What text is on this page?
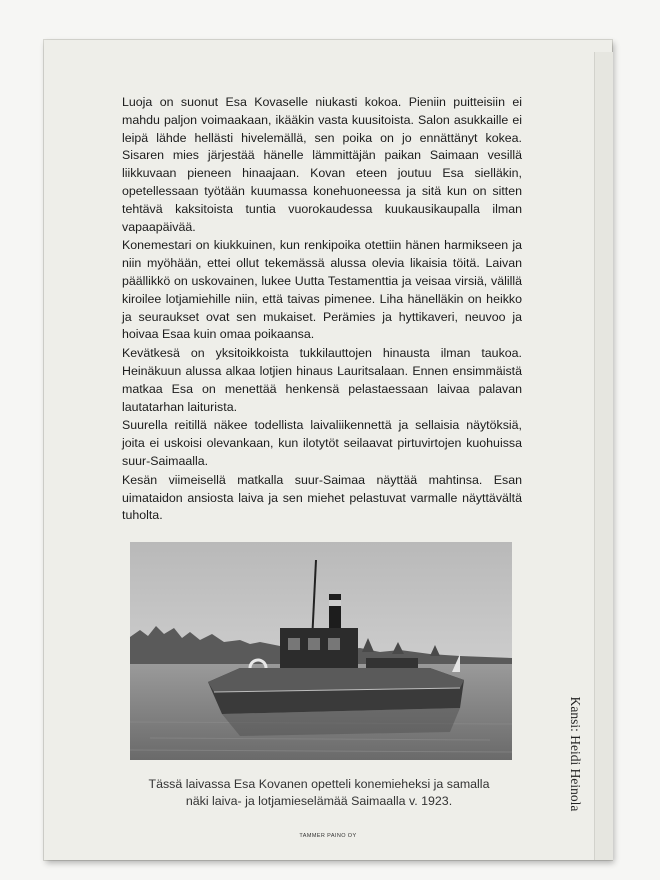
Luoja on suonut Esa Kovaselle niukasti kokoa. Pieniin puitteisiin ei mahdu paljon voimaakaan, ikääkin vasta kuusitoista. Salon asukkaille ei leipä lähde hellästi hivelemällä, sen poika on jo ennättänyt kokea. Sisaren mies järjestää hänelle lämmittäjän paikan Saimaan vesillä liikkuvaan pieneen hinaajaan. Kovan eteen joutuu Esa sielläkin, opetellessaan työtään kuumassa konehuoneessa ja sitä kun on sitten tehtävä kaksitoista tuntia vuorokaudessa kuukausikaupalla ilman vapaapäivää.

Konemestari on kiukkuinen, kun renkipoika otettiin hänen harmikseen ja niin myöhään, ettei ollut tekemässä alussa olevia likaisia töitä. Laivan päällikkö on uskovainen, lukee Uutta Testamenttia ja veisaa virsiä, välillä kiroilee lotjamiehille niin, että taivas pimenee. Liha hänelläkin on heikko ja seuraukset ovat sen mukaiset. Perämies ja hyttikaveri, neuvoo ja hoivaa Esaa kuin omaa poikaansa.

Kevätkesä on yksitoikkoista tukkilauttojen hinausta ilman taukoa. Heinäkuun alussa alkaa lotjien hinaus Lauritsalaan. Ennen ensimmäistä matkaa Esa on menettää henkensä pelastaessaan laivaa palavan lautatarhan laiturista.

Suurella reitillä näkee todellista laivaliikennettä ja sellaisia näytöksiä, joita ei uskoisi olevankaan, kun ilotytöt seilaavat pirtuvirtojen kuohuissa suur-Saimaalla.

Kesän viimeisellä matkalla suur-Saimaa näyttää mahtinsa. Esan uimataidon ansiosta laiva ja sen miehet pelastuvat varmalle näyttävältä tuholta.

Tässä laivassa Esa Kovanen opetteli konemieheksi ja samalla

näki laiva- ja lotjamieselämää Saimaalla v. 1923.

TAMMER PAINO OY
Kansi: Heidi Heinola
